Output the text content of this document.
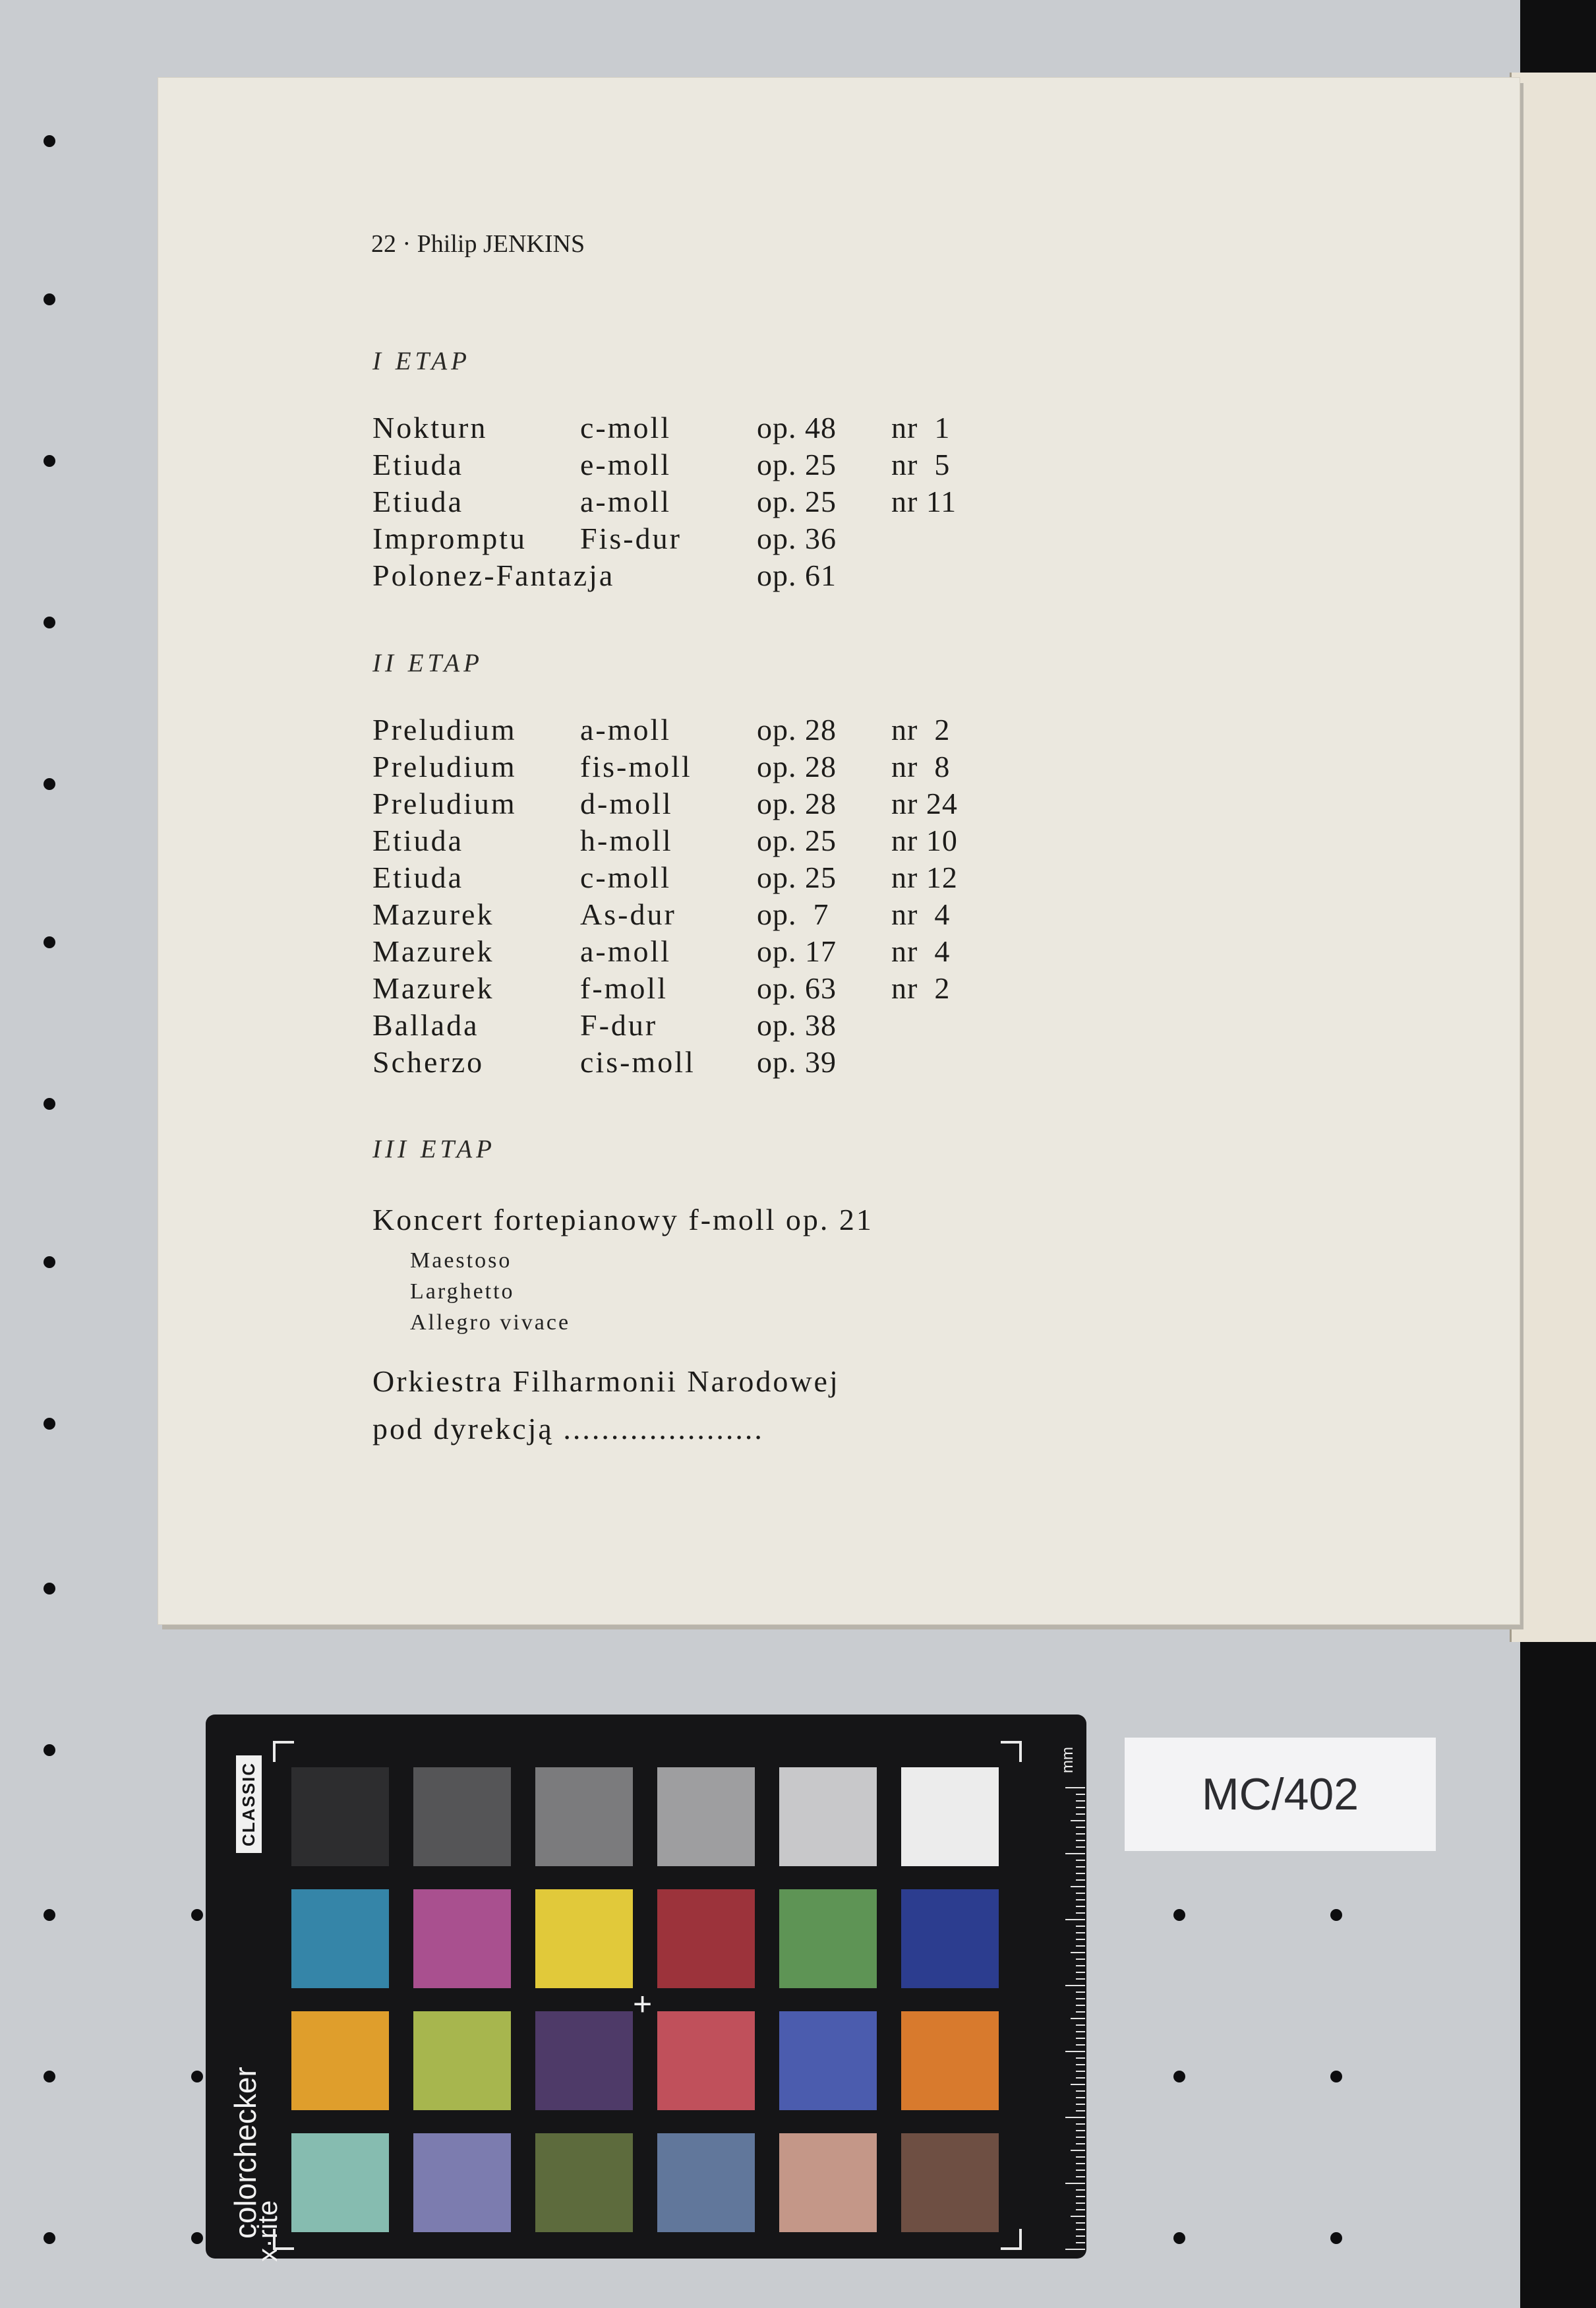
22 · Philip JENKINS
I ETAP
Nokturn	c-moll	op. 48 nr  1
Etiuda	e-moll	op. 25 nr  5
Etiuda	a-moll	op. 25 nr 11
Impromptu Fis-dur op. 36
Polonez-Fantazja	op. 61
II ETAP
Preludium a-moll	op. 28 nr  2
Preludium fis-moll op. 28 nr  8
Preludium d-moll	op. 28 nr 24
Etiuda	h-moll	op. 25 nr 10
Etiuda	c-moll	op. 25 nr 12
Mazurek	As-dur	op.  7 nr  4
Mazurek	a-moll	op. 17 nr  4
Mazurek	f-moll	op. 63 nr  2
Ballada	F-dur	op. 38
Scherzo	cis-moll op. 39
III ETAP
Koncert fortepianowy f-moll op. 21
Maestoso
Larghetto
Allegro vivace
Orkiestra Filharmonii Narodowej
pod dyrekcją .....................
CLASSIC
colorchecker
x·rite
+
mm
MC/402
